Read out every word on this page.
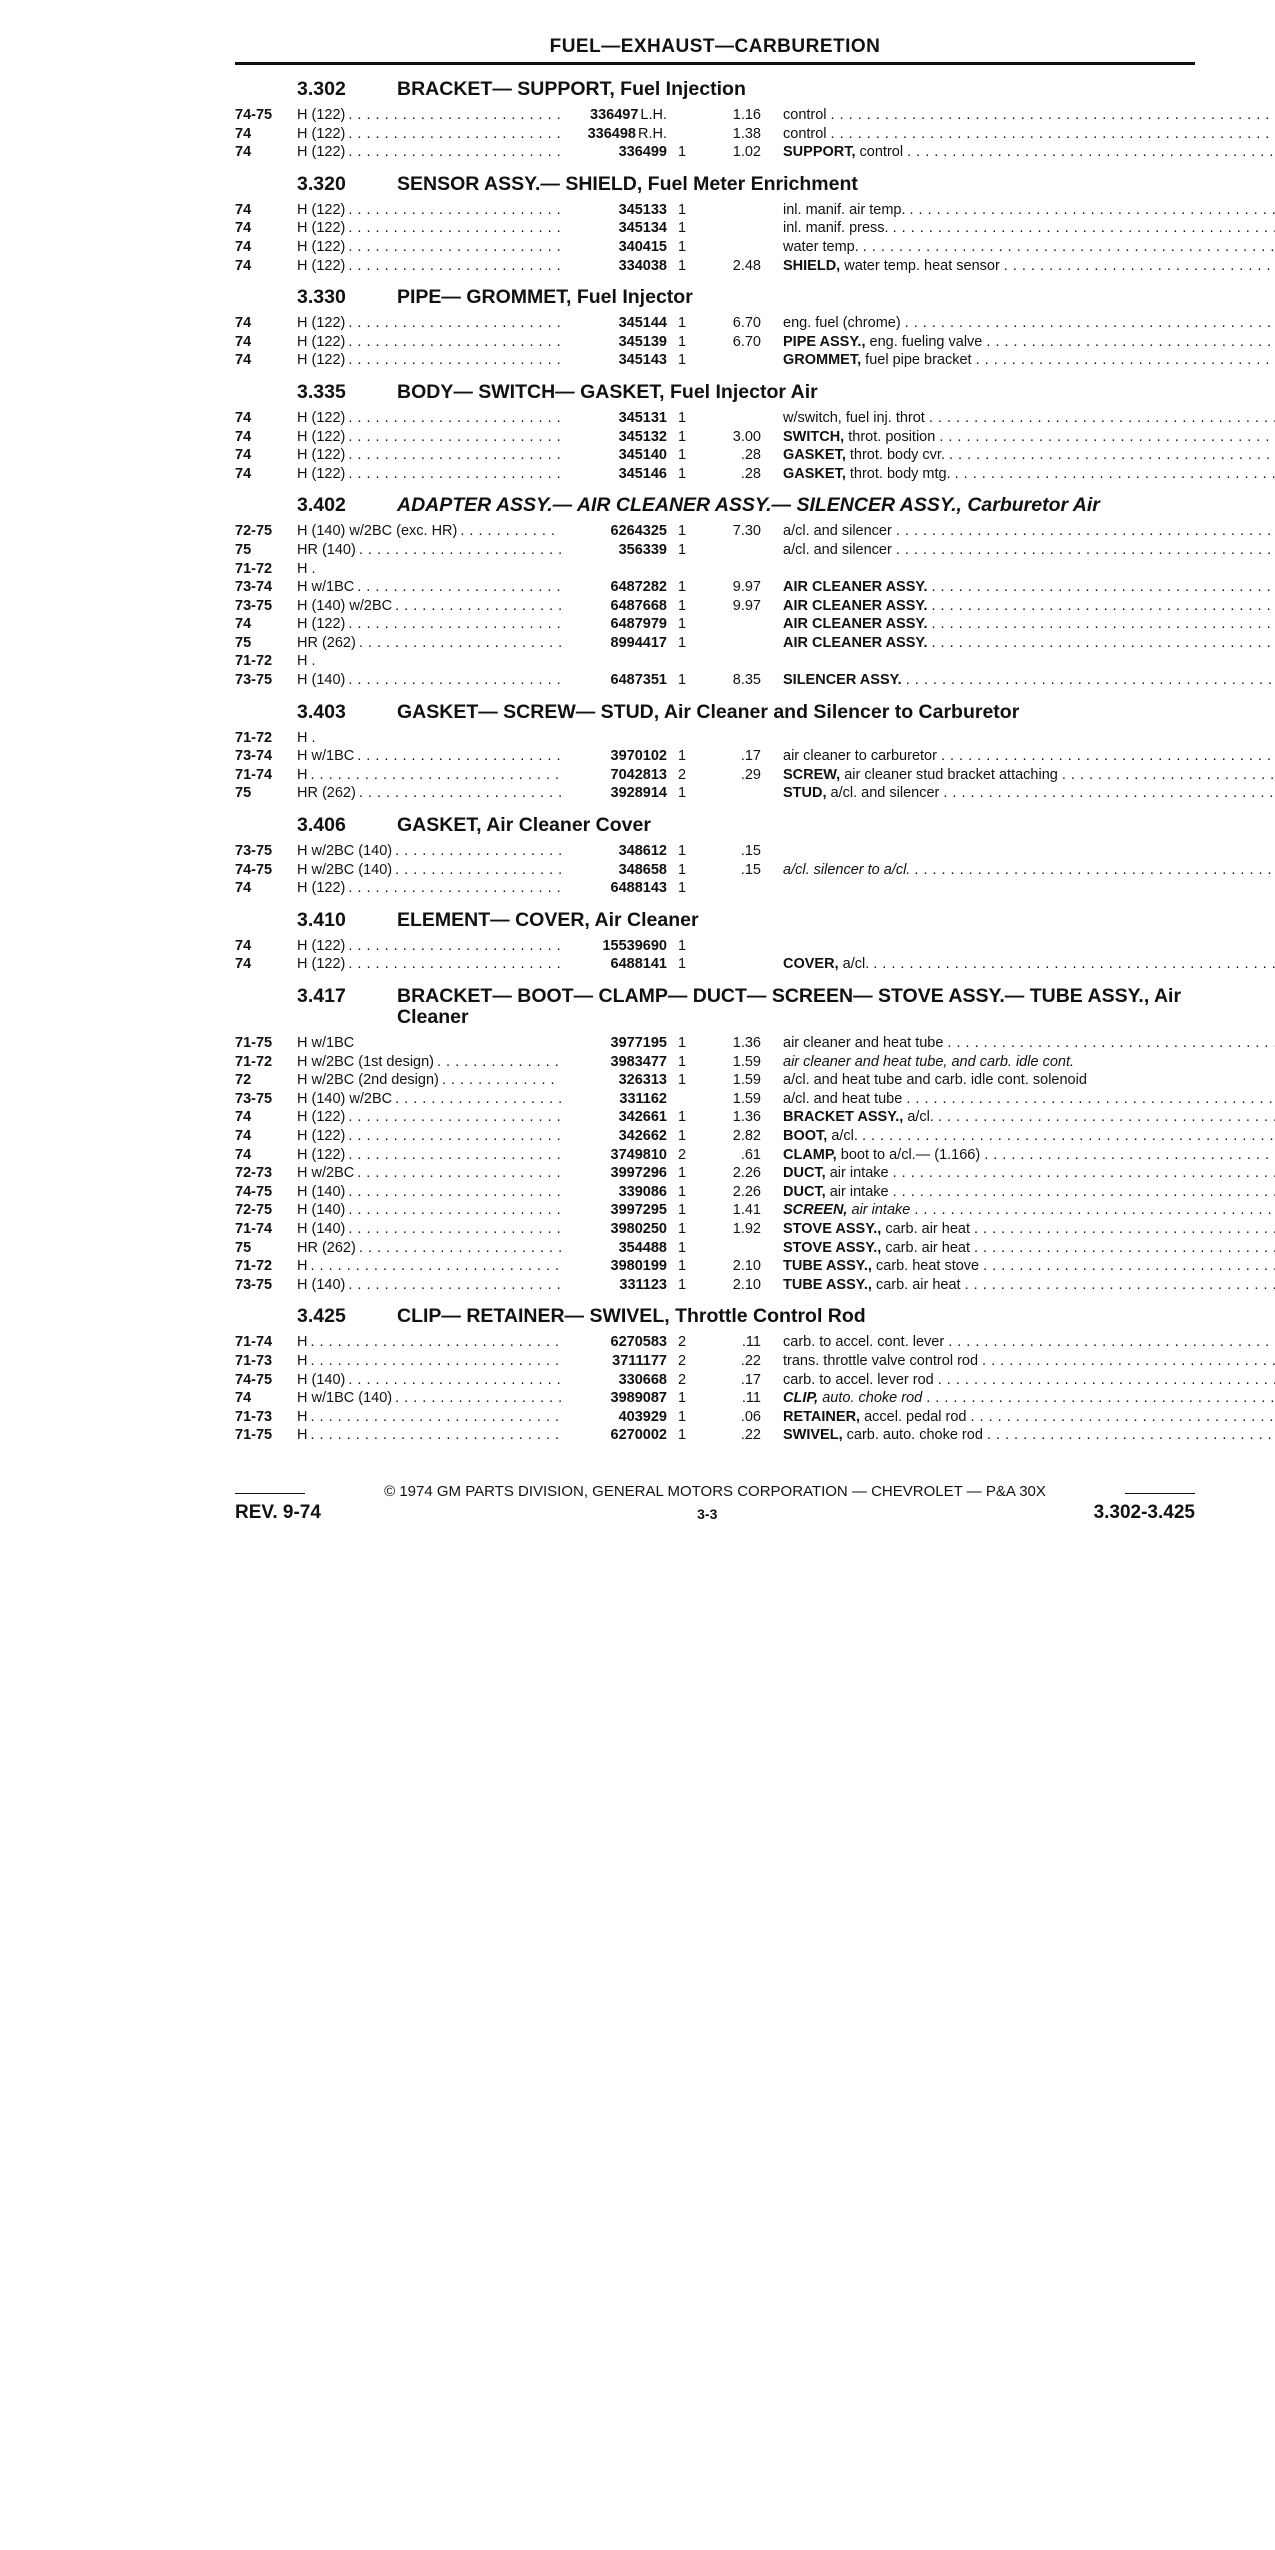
FUEL—EXHAUST—CARBURETION
3.302	BRACKET— SUPPORT, Fuel Injection
74-75	H (122) . . .	336497 L.H.	1.16	control
. . .
74	H (122) . . .	336498 R.H.	1.38	control
. . .
74	H (122) . . .	336499 1	1.02	SUPPORT, control
. . .
3.320	SENSOR ASSY.— SHIELD, Fuel Meter Enrichment
74	H (122) . . .	345133 1	inl. manif. air temp.
. . .
74	H (122) . . .	345134 1	inl. manif. press.
. . .
74	H (122) . . .	340415 1	water temp.
. . .
74	H (122) . . .	334038 1	2.48	SHIELD, water temp. heat sensor
. . .
3.330	PIPE— GROMMET, Fuel Injector
74	H (122) . . .	345144 1	6.70	eng. fuel (chrome)
. . .
74	H (122) . . .	345139 1	6.70	PIPE ASSY., eng. fueling valve
. . .
74	H (122) . . .	345143 1	GROMMET, fuel pipe bracket
. . .
3.335	BODY— SWITCH— GASKET, Fuel Injector Air
74	H (122) . . .	345131 1	w/switch, fuel inj. throt
. . .
74	H (122) . . .	345132 1	3.00	SWITCH, throt. position
. . .
74	H (122) . . .	345140 1	.28	GASKET, throt. body cvr.
. . .
74	H (122) . . .	345146 1	.28	GASKET, throt. body mtg.
. . .
3.402	ADAPTER ASSY.— AIR CLEANER ASSY.— SILENCER ASSY., Carburetor Air
72-75	H (140) w/2BC (exc. HR) . . .	6264325 1	7.30	a/cl. and silencer
. . .
75	HR (140) . . .	356339 1	a/cl. and silencer
. . .
71-72	H .
73-74	H w/1BC . . .	6487282 1	9.97	AIR CLEANER ASSY.
. . .
73-75	H (140) w/2BC . . .	6487668 1	9.97	AIR CLEANER ASSY.
. . .
74	H (122) . . .	6487979 1	AIR CLEANER ASSY.
. . .
75	HR (262) . . .	8994417 1	AIR CLEANER ASSY.
. . .
71-72	H .
73-75	H (140) . . .	6487351 1	8.35	SILENCER ASSY.
. . .
3.403	GASKET— SCREW— STUD, Air Cleaner and Silencer to Carburetor
71-72	H .
73-74	H w/1BC . . .	3970102 1	.17	air cleaner to carburetor
. . .
71-74	H . . .	7042813 2	.29	SCREW, air cleaner stud bracket attaching
. . .
75	HR (262) . . .	3928914 1	STUD, a/cl. and silencer
. . .
3.406	GASKET, Air Cleaner Cover
73-75	H w/2BC (140) . . .	348612 1	.15
74-75	H w/2BC (140) . . .	348658 1	.15	a/cl. silencer to a/cl.
. . .
74	H (122) . . .	6488143 1
3.410	ELEMENT— COVER, Air Cleaner
74	H (122) . . .	15539690 1
74	H (122) . . .	6488141 1	COVER, a/cl.
. . .
3.417	BRACKET— BOOT— CLAMP— DUCT— SCREEN— STOVE ASSY.— TUBE ASSY., Air Cleaner
71-75	H w/1BC	3977195 1	1.36	air cleaner and heat tube
. . .
71-72	H w/2BC (1st design) . . .	3983477 1	1.59	air cleaner and heat tube, and carb. idle cont.
72	H w/2BC (2nd design) . . .	326313 1	1.59	a/cl. and heat tube and carb. idle cont. solenoid
73-75	H (140) w/2BC . . .	331162	1.59	a/cl. and heat tube
. . .
74	H (122) . . .	342661 1	1.36	BRACKET ASSY., a/cl.
. . .
74	H (122) . . .	342662 1	2.82	BOOT, a/cl.
. . .
74	H (122) . . .	3749810 2	.61	CLAMP, boot to a/cl.— (1.166)
. . .
72-73	H w/2BC . . .	3997296 1	2.26	DUCT, air intake
. . .
74-75	H (140) . . .	339086 1	2.26	DUCT, air intake
. . .
72-75	H (140) . . .	3997295 1	1.41	SCREEN, air intake
. . .
71-74	H (140) . . .	3980250 1	1.92	STOVE ASSY., carb. air heat
. . .
75	HR (262) . . .	354488 1	STOVE ASSY., carb. air heat
. . .
71-72	H . . .	3980199 1	2.10	TUBE ASSY., carb. heat stove
. . .
73-75	H (140) . . .	331123 1	2.10	TUBE ASSY., carb. air heat
. . .
3.425	CLIP— RETAINER— SWIVEL, Throttle Control Rod
71-74	H . . .	6270583 2	.11	carb. to accel. cont. lever
. . .
71-73	H . . .	3711177 2	.22	trans. throttle valve control rod
. . .
74-75	H (140) . . .	330668 2	.17	carb. to accel. lever rod
. . .
74	H w/1BC (140) . . .	3989087 1	.11	CLIP, auto. choke rod
. . .
71-73	H . . .	403929 1	.06	RETAINER, accel. pedal rod
. . .
71-75	H . . .	6270002 1	.22	SWIVEL, carb. auto. choke rod
. . .
© 1974 GM PARTS DIVISION, GENERAL MOTORS CORPORATION — CHEVROLET — P&A 30X
REV. 9-74	3-3	3.302-3.425
